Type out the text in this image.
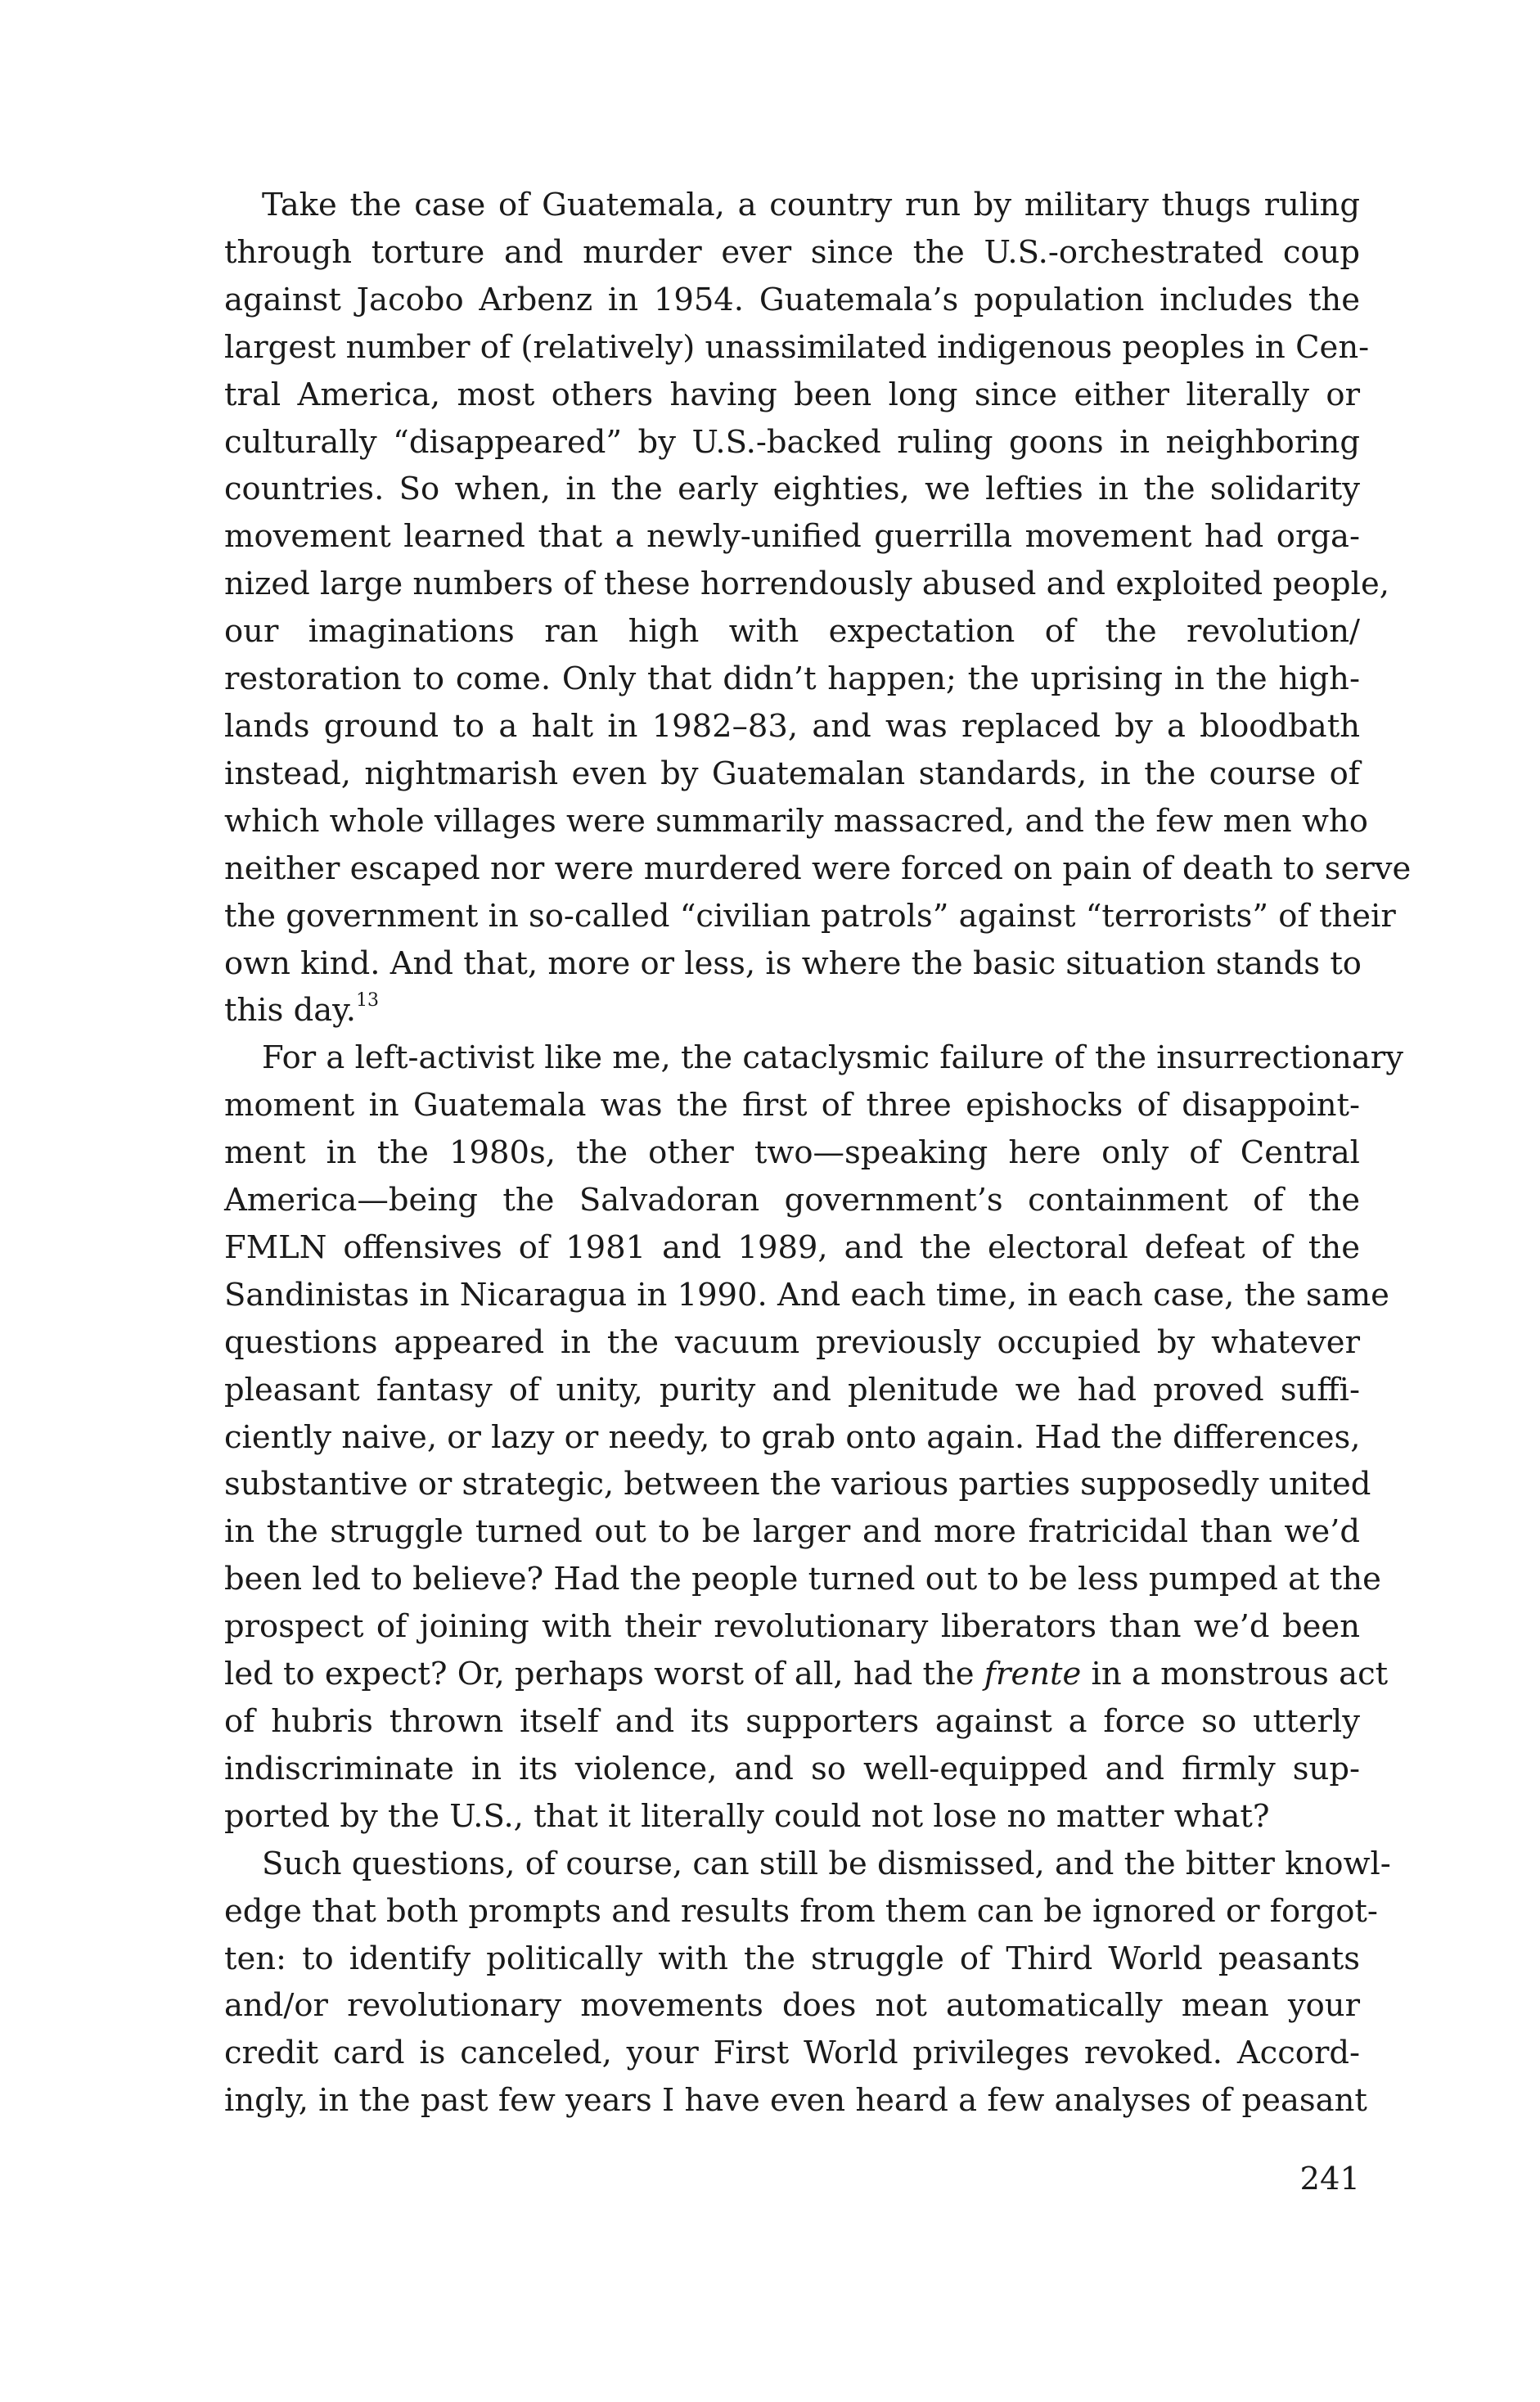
Take the case of Guatemala, a country run by military thugs ruling
through torture and murder ever since the U.S.-orchestrated coup
against Jacobo Arbenz in 1954. Guatemala’s population includes the
largest number of (relatively) unassimilated indigenous peoples in Cen-
tral America, most others having been long since either literally or
culturally “disappeared” by U.S.-backed ruling goons in neighboring
countries. So when, in the early eighties, we lefties in the solidarity
movement learned that a newly-unified guerrilla movement had orga-
nized large numbers of these horrendously abused and exploited people,
our imaginations ran high with expectation of the revolution/
restoration to come. Only that didn’t happen; the uprising in the high-
lands ground to a halt in 1982–83, and was replaced by a bloodbath
instead, nightmarish even by Guatemalan standards, in the course of
which whole villages were summarily massacred, and the few men who
neither escaped nor were murdered were forced on pain of death to serve
the government in so-called “civilian patrols” against “terrorists” of their
own kind. And that, more or less, is where the basic situation stands to
this day.$^{13}$
For a left-activist like me, the cataclysmic failure of the insurrectionary
moment in Guatemala was the first of three epishocks of disappoint-
ment in the 1980s, the other two—speaking here only of Central
America—being the Salvadoran government’s containment of the
FMLN offensives of 1981 and 1989, and the electoral defeat of the
Sandinistas in Nicaragua in 1990. And each time, in each case, the same
questions appeared in the vacuum previously occupied by whatever
pleasant fantasy of unity, purity and plenitude we had proved suffi-
ciently naive, or lazy or needy, to grab onto again. Had the differences,
substantive or strategic, between the various parties supposedly united
in the struggle turned out to be larger and more fratricidal than we’d
been led to believe? Had the people turned out to be less pumped at the
prospect of joining with their revolutionary liberators than we’d been
led to expect? Or, perhaps worst of all, had the frente in a monstrous act
of hubris thrown itself and its supporters against a force so utterly
indiscriminate in its violence, and so well-equipped and firmly sup-
ported by the U.S., that it literally could not lose no matter what?
Such questions, of course, can still be dismissed, and the bitter knowl-
edge that both prompts and results from them can be ignored or forgot-
ten: to identify politically with the struggle of Third World peasants
and/or revolutionary movements does not automatically mean your
credit card is canceled, your First World privileges revoked. Accord-
ingly, in the past few years I have even heard a few analyses of peasant
241
